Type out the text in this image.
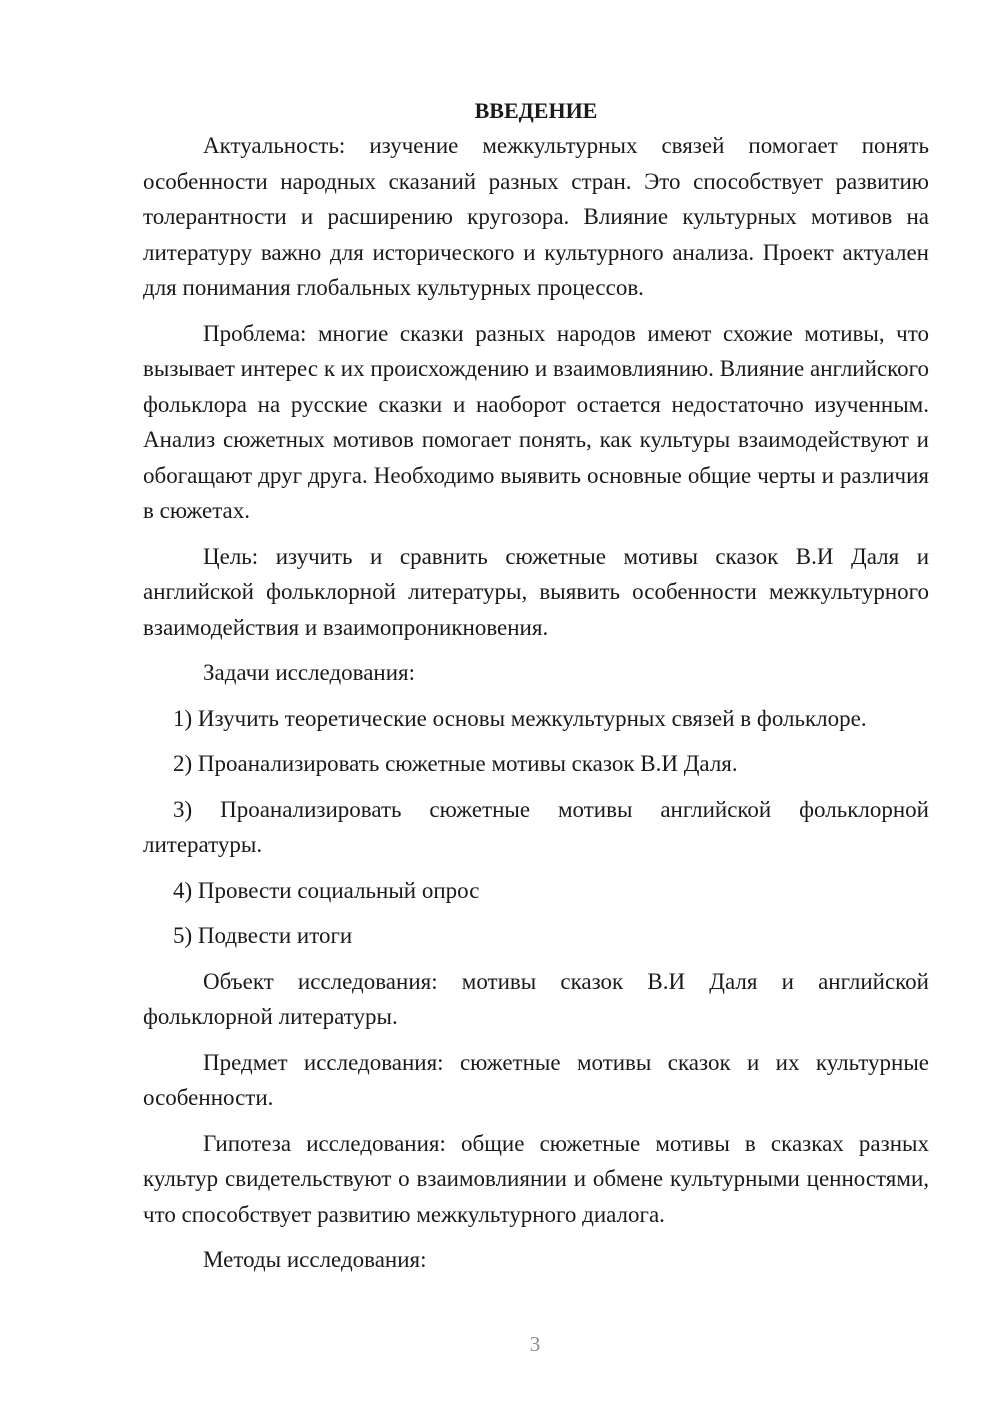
ВВЕДЕНИЕ

Актуальность: изучение межкультурных связей помогает понять особенности народных сказаний разных стран. Это способствует развитию толерантности и расширению кругозора. Влияние культурных мотивов на литературу важно для исторического и культурного анализа. Проект актуален для понимания глобальных культурных процессов.

Проблема: многие сказки разных народов имеют схожие мотивы, что вызывает интерес к их происхождению и взаимовлиянию. Влияние английского фольклора на русские сказки и наоборот остается недостаточно изученным. Анализ сюжетных мотивов помогает понять, как культуры взаимодействуют и обогащают друг друга. Необходимо выявить основные общие черты и различия в сюжетах.

Цель: изучить и сравнить сюжетные мотивы сказок В.И Даля и английской фольклорной литературы, выявить особенности межкультурного взаимодействия и взаимопроникновения.

Задачи исследования:

1) Изучить теоретические основы межкультурных связей в фольклоре.

2) Проанализировать сюжетные мотивы сказок В.И Даля.

3) Проанализировать сюжетные мотивы английской фольклорной литературы.

4) Провести социальный опрос

5) Подвести итоги

Объект исследования: мотивы сказок В.И Даля и английской фольклорной литературы.

Предмет исследования: сюжетные мотивы сказок и их культурные особенности.

Гипотеза исследования: общие сюжетные мотивы в сказках разных культур свидетельствуют о взаимовлиянии и обмене культурными ценностями, что способствует развитию межкультурного диалога.

Методы исследования:

3
